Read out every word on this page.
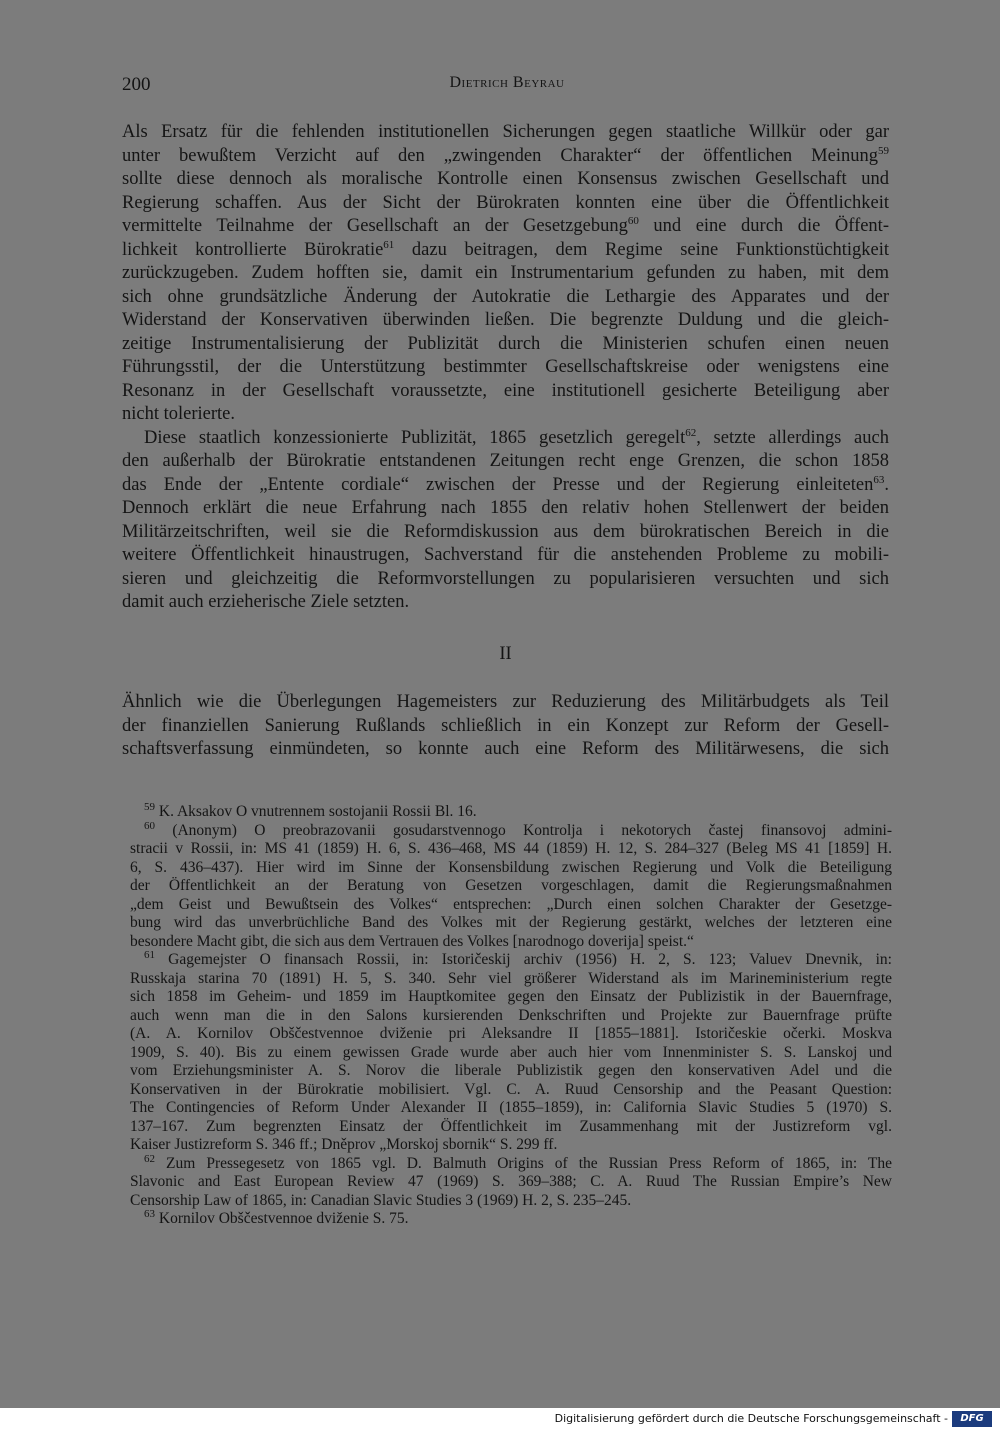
200	Dietrich Beyrau

Als Ersatz für die fehlenden institutionellen Sicherungen gegen staatliche Willkür oder gar
unter bewußtem Verzicht auf den „zwingenden Charakter“ der öffentlichen Meinung$^{59}$
sollte diese dennoch als moralische Kontrolle einen Konsensus zwischen Gesellschaft und
Regierung schaffen. Aus der Sicht der Bürokraten konnten eine über die Öffentlichkeit
vermittelte Teilnahme der Gesellschaft an der Gesetzgebung$^{60}$ und eine durch die Öffent-
lichkeit kontrollierte Bürokratie$^{61}$ dazu beitragen, dem Regime seine Funktionstüchtigkeit
zurückzugeben. Zudem hofften sie, damit ein Instrumentarium gefunden zu haben, mit dem
sich ohne grundsätzliche Änderung der Autokratie die Lethargie des Apparates und der
Widerstand der Konservativen überwinden ließen. Die begrenzte Duldung und die gleich-
zeitige Instrumentalisierung der Publizität durch die Ministerien schufen einen neuen
Führungsstil, der die Unterstützung bestimmter Gesellschaftskreise oder wenigstens eine
Resonanz in der Gesellschaft voraussetzte, eine institutionell gesicherte Beteiligung aber
nicht tolerierte.

Diese staatlich konzessionierte Publizität, 1865 gesetzlich geregelt$^{62}$, setzte allerdings auch
den außerhalb der Bürokratie entstandenen Zeitungen recht enge Grenzen, die schon 1858
das Ende der „Entente cordiale“ zwischen der Presse und der Regierung einleiteten$^{63}$.
Dennoch erklärt die neue Erfahrung nach 1855 den relativ hohen Stellenwert der beiden
Militärzeitschriften, weil sie die Reformdiskussion aus dem bürokratischen Bereich in die
weitere Öffentlichkeit hinaustrugen, Sachverstand für die anstehenden Probleme zu mobili-
sieren und gleichzeitig die Reformvorstellungen zu popularisieren versuchten und sich
damit auch erzieherische Ziele setzten.

II

Ähnlich wie die Überlegungen Hagemeisters zur Reduzierung des Militärbudgets als Teil
der finanziellen Sanierung Rußlands schließlich in ein Konzept zur Reform der Gesell-
schaftsverfassung einmündeten, so konnte auch eine Reform des Militärwesens, die sich

$^{59}$ K. Aksakov O vnutrennem sostojanii Rossii Bl. 16.

$^{60}$ (Anonym) O preobrazovanii gosudarstvennogo Kontrolja i nekotorych častej finansovoj admini-
stracii v Rossii, in: MS 41 (1859) H. 6, S. 436–468, MS 44 (1859) H. 12, S. 284–327 (Beleg MS 41 [1859] H.
6, S. 436–437). Hier wird im Sinne der Konsensbildung zwischen Regierung und Volk die Beteiligung
der Öffentlichkeit an der Beratung von Gesetzen vorgeschlagen, damit die Regierungsmaßnahmen
„dem Geist und Bewußtsein des Volkes“ entsprechen: „Durch einen solchen Charakter der Gesetzge-
bung wird das unverbrüchliche Band des Volkes mit der Regierung gestärkt, welches der letzteren eine
besondere Macht gibt, die sich aus dem Vertrauen des Volkes [narodnogo doverija] speist.“

$^{61}$ Gagemejster O finansach Rossii, in: Istoričeskij archiv (1956) H. 2, S. 123; Valuev Dnevnik, in:
Russkaja starina 70 (1891) H. 5, S. 340. Sehr viel größerer Widerstand als im Marineministerium regte
sich 1858 im Geheim- und 1859 im Hauptkomitee gegen den Einsatz der Publizistik in der Bauernfrage,
auch wenn man die in den Salons kursierenden Denkschriften und Projekte zur Bauernfrage prüfte
(A. A. Kornilov Obščestvennoe dviženie pri Aleksandre II [1855–1881]. Istoričeskie očerki. Moskva
1909, S. 40). Bis zu einem gewissen Grade wurde aber auch hier vom Innenminister S. S. Lanskoj und
vom Erziehungsminister A. S. Norov die liberale Publizistik gegen den konservativen Adel und die
Konservativen in der Bürokratie mobilisiert. Vgl. C. A. Ruud Censorship and the Peasant Question:
The Contingencies of Reform Under Alexander II (1855–1859), in: California Slavic Studies 5 (1970) S.
137–167. Zum begrenzten Einsatz der Öffentlichkeit im Zusammenhang mit der Justizreform vgl.
Kaiser Justizreform S. 346 ff.; Dněprov „Morskoj sbornik“ S. 299 ff.

$^{62}$ Zum Pressegesetz von 1865 vgl. D. Balmuth Origins of the Russian Press Reform of 1865, in: The
Slavonic and East European Review 47 (1969) S. 369–388; C. A. Ruud The Russian Empire’s New
Censorship Law of 1865, in: Canadian Slavic Studies 3 (1969) H. 2, S. 235–245.

$^{63}$ Kornilov Obščestvennoe dviženie S. 75.

Digitalisierung gefördert durch die Deutsche Forschungsgemeinschaft -	DFG
